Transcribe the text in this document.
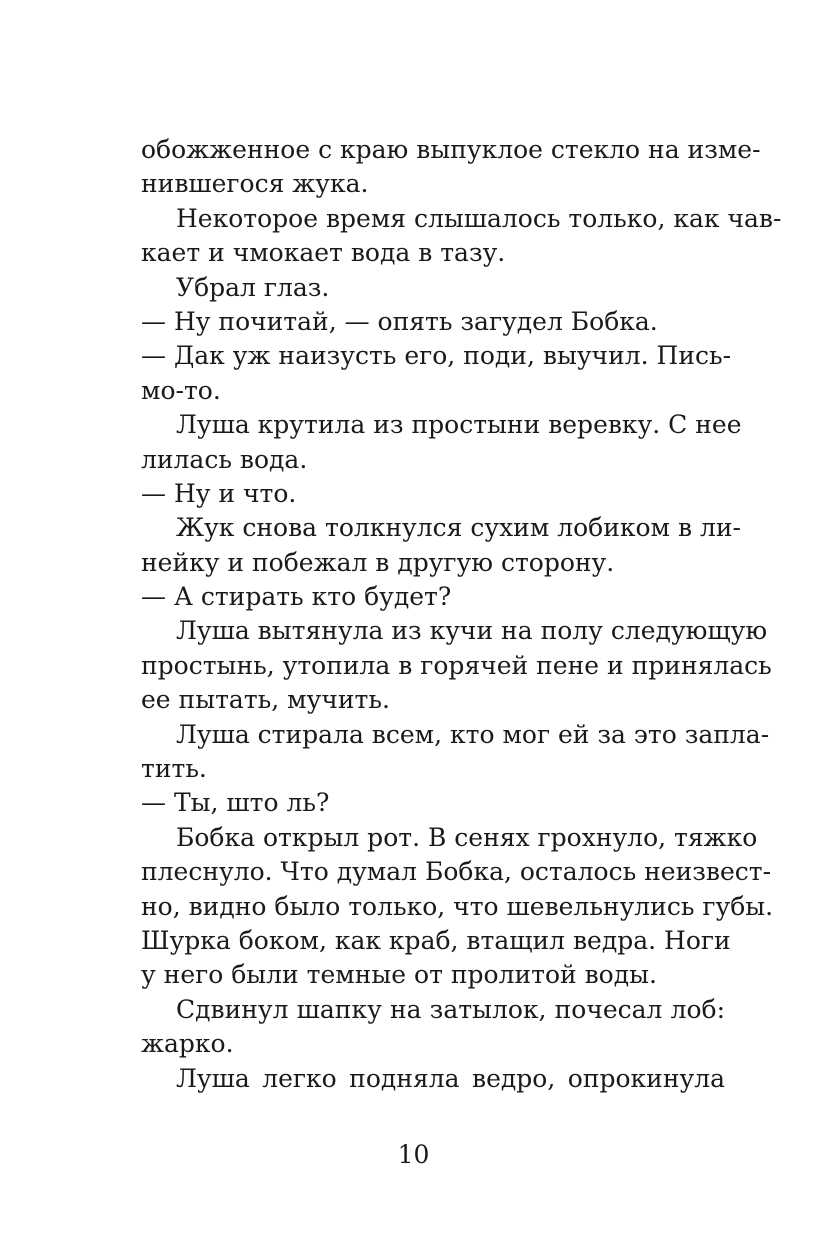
обожженное с краю выпуклое стекло на изме-
нившегося жука.
Некоторое время слышалось только, как чав-
кает и чмокает вода в тазу.
Убрал глаз.
— Ну почитай, — опять загудел Бобка.
— Дак уж наизусть его, поди, выучил. Пись-
мо-то.
Луша крутила из простыни веревку. С нее
лилась вода.
— Ну и что.
Жук снова толкнулся сухим лобиком в ли-
нейку и побежал в другую сторону.
— А стирать кто будет?
Луша вытянула из кучи на полу следующую
простынь, утопила в горячей пене и принялась
ее пытать, мучить.
Луша стирала всем, кто мог ей за это запла-
тить.
— Ты, што ль?
Бобка открыл рот. В сенях грохнуло, тяжко
плеснуло. Что думал Бобка, осталось неизвест-
но, видно было только, что шевельнулись губы.
Шурка боком, как краб, втащил ведра. Ноги
у него были темные от пролитой воды.
Сдвинул шапку на затылок, почесал лоб:
жарко.
Луша легко подняла ведро, опрокинула
10
